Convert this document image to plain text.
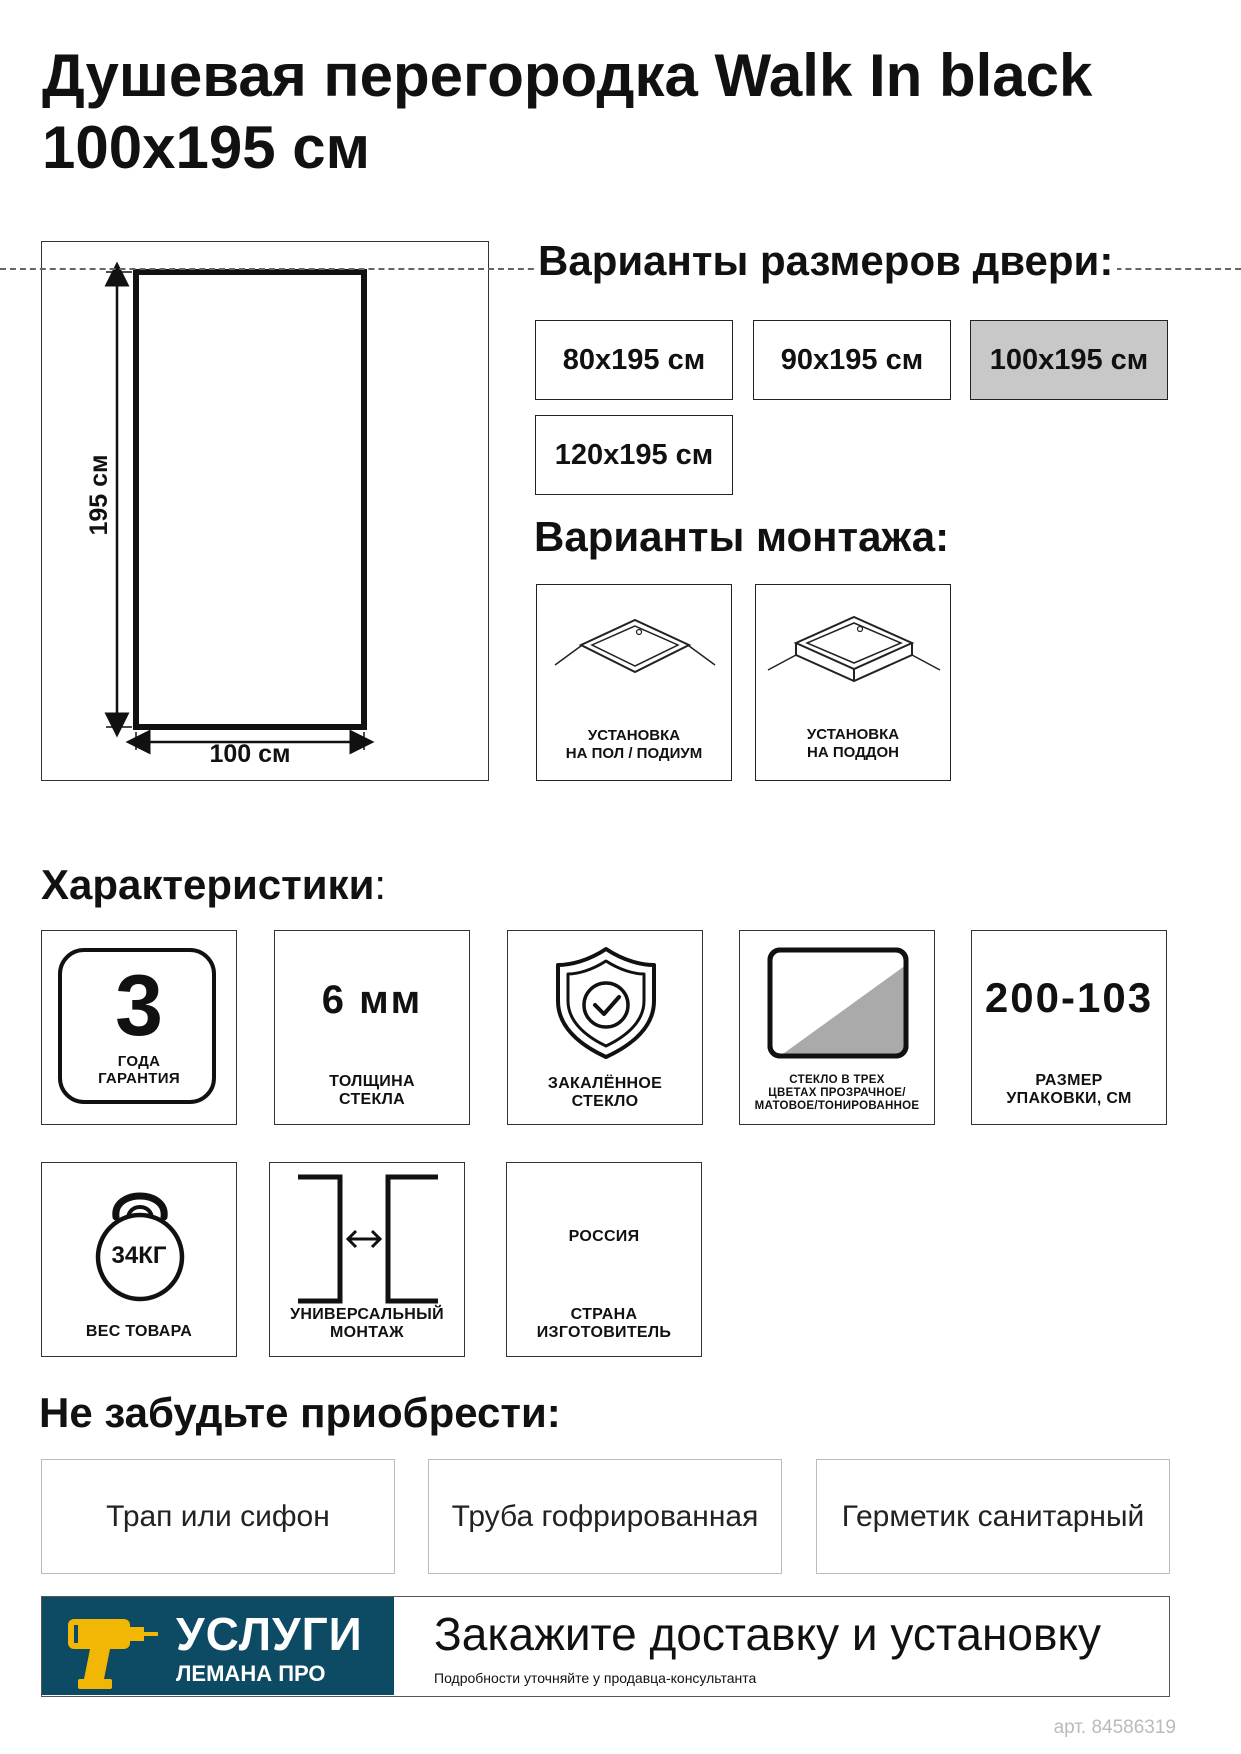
Душевая перегородка Walk In black
100x195 см
195 см
100 см
Варианты размеров двери:
80x195 см	90x195 см	100x195 см
120x195 см
Варианты монтажа:
УСТАНОВКА
НА ПОЛ / ПОДИУМ
УСТАНОВКА
НА ПОДДОН
Характеристики:
3
ГОДА
ГАРАНТИЯ
6 мм
ТОЛЩИНА
СТЕКЛА
ЗАКАЛЁННОЕ
СТЕКЛО
СТЕКЛО В ТРЕХ
ЦВЕТАХ ПРОЗРАЧНОЕ/
МАТОВОЕ/ТОНИРОВАННОЕ
200-103
РАЗМЕР
УПАКОВКИ, СМ
34КГ
ВЕС ТОВАРА
УНИВЕРСАЛЬНЫЙ
МОНТАЖ
РОССИЯ
СТРАНА
ИЗГОТОВИТЕЛЬ
Не забудьте приобрести:
Трап или сифон	Труба гофрированная	Герметик санитарный
УСЛУГИ
ЛЕМАНА ПРО
Закажите доставку и установку
Подробности уточняйте у продавца-консультанта
арт. 84586319
